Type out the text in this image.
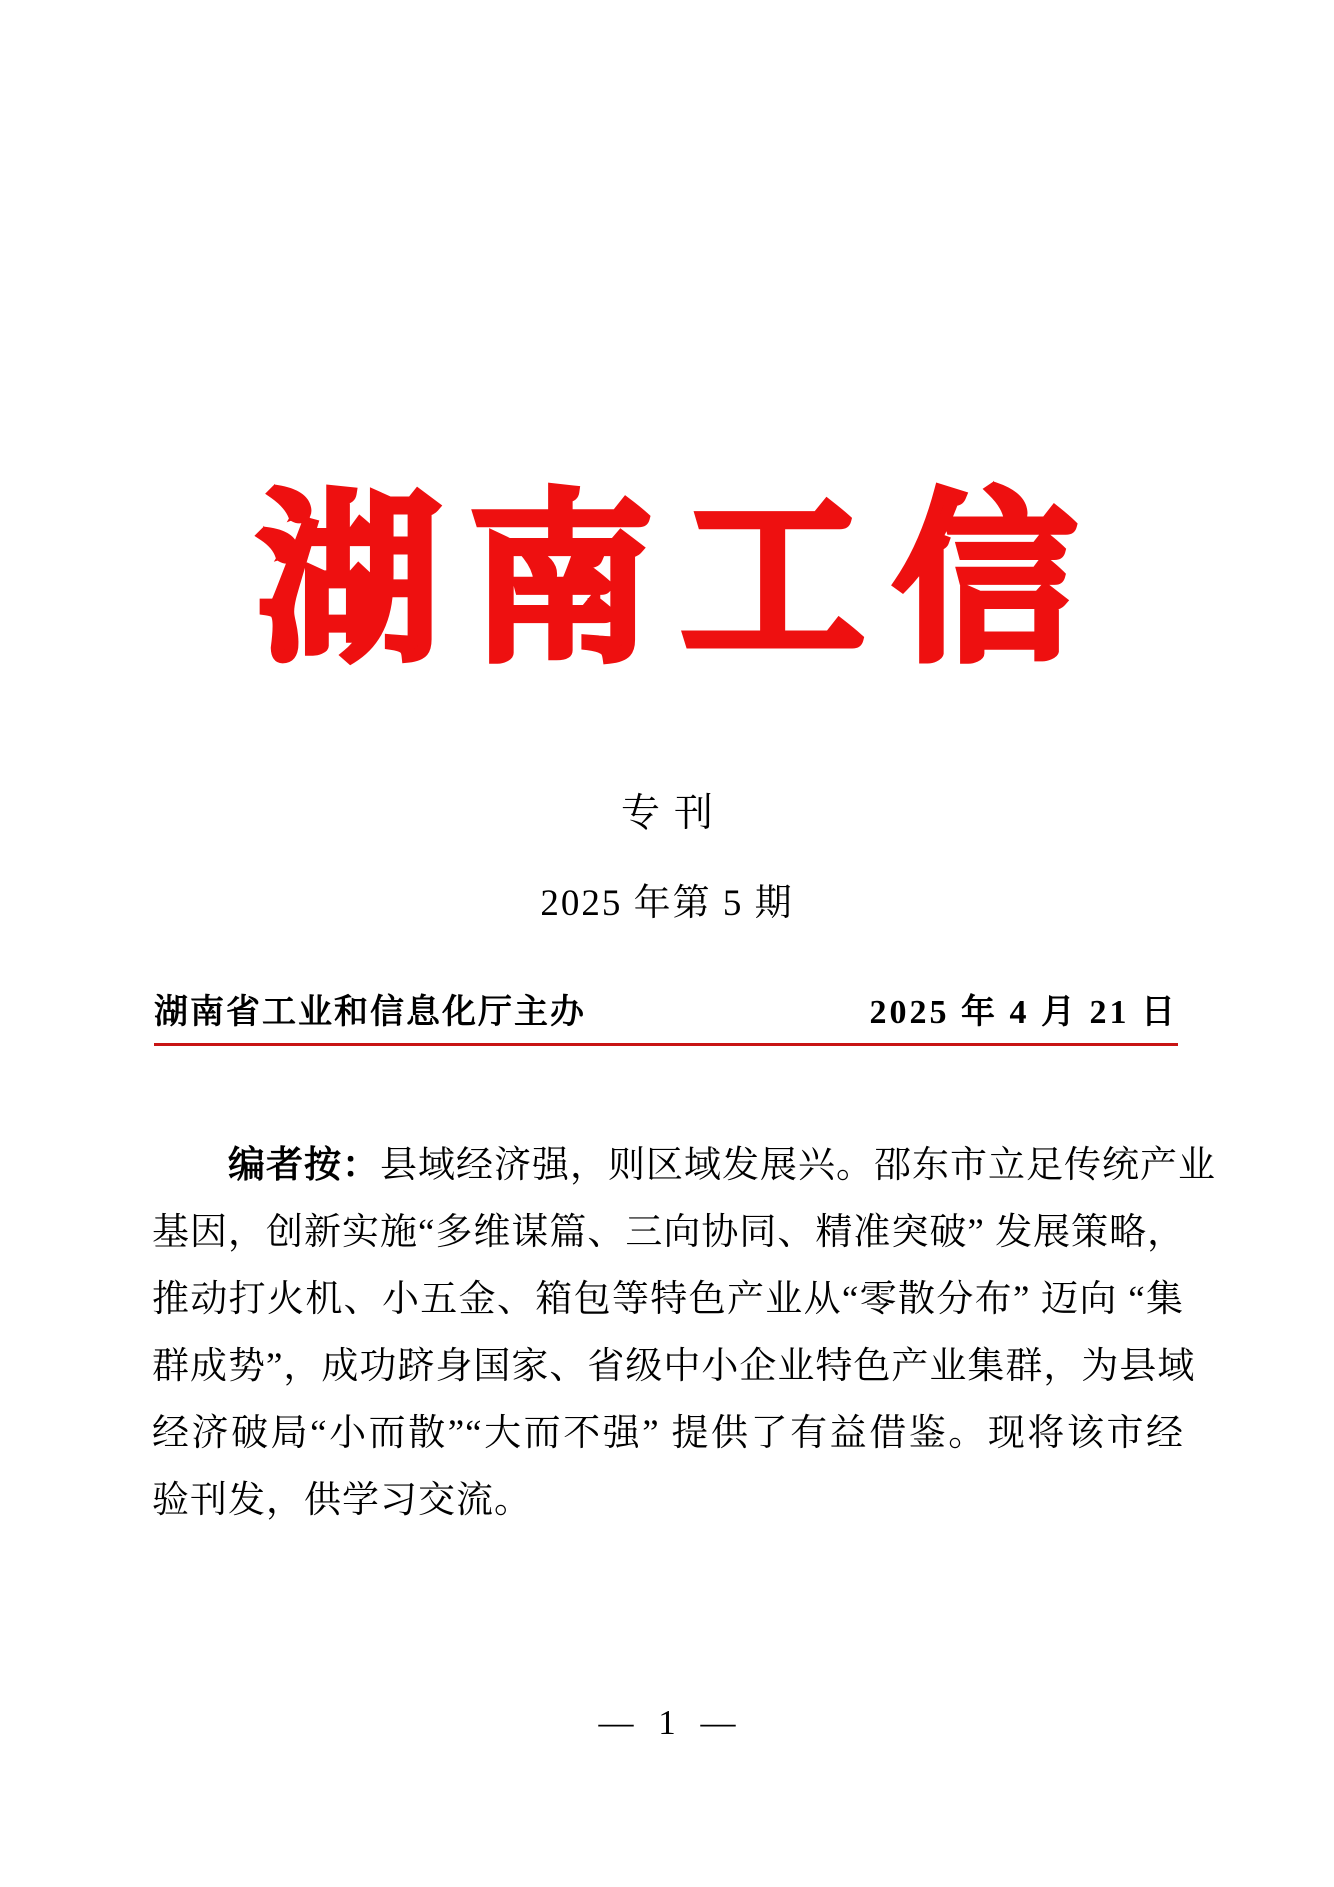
湖南工信
专刊
2025 年第 5 期
湖南省工业和信息化厅主办	2025 年 4 月 21 日
编者按：县域经济强，则区域发展兴。邵东市立足传统产业
基因，创新实施“多维谋篇、三向协同、精准突破” 发展策略，
推动打火机、小五金、箱包等特色产业从“零散分布” 迈向 “集
群成势”，成功跻身国家、省级中小企业特色产业集群，为县域
经济破局“小而散”“大而不强” 提供了有益借鉴。现将该市经
验刊发，供学习交流。
— 1 —
